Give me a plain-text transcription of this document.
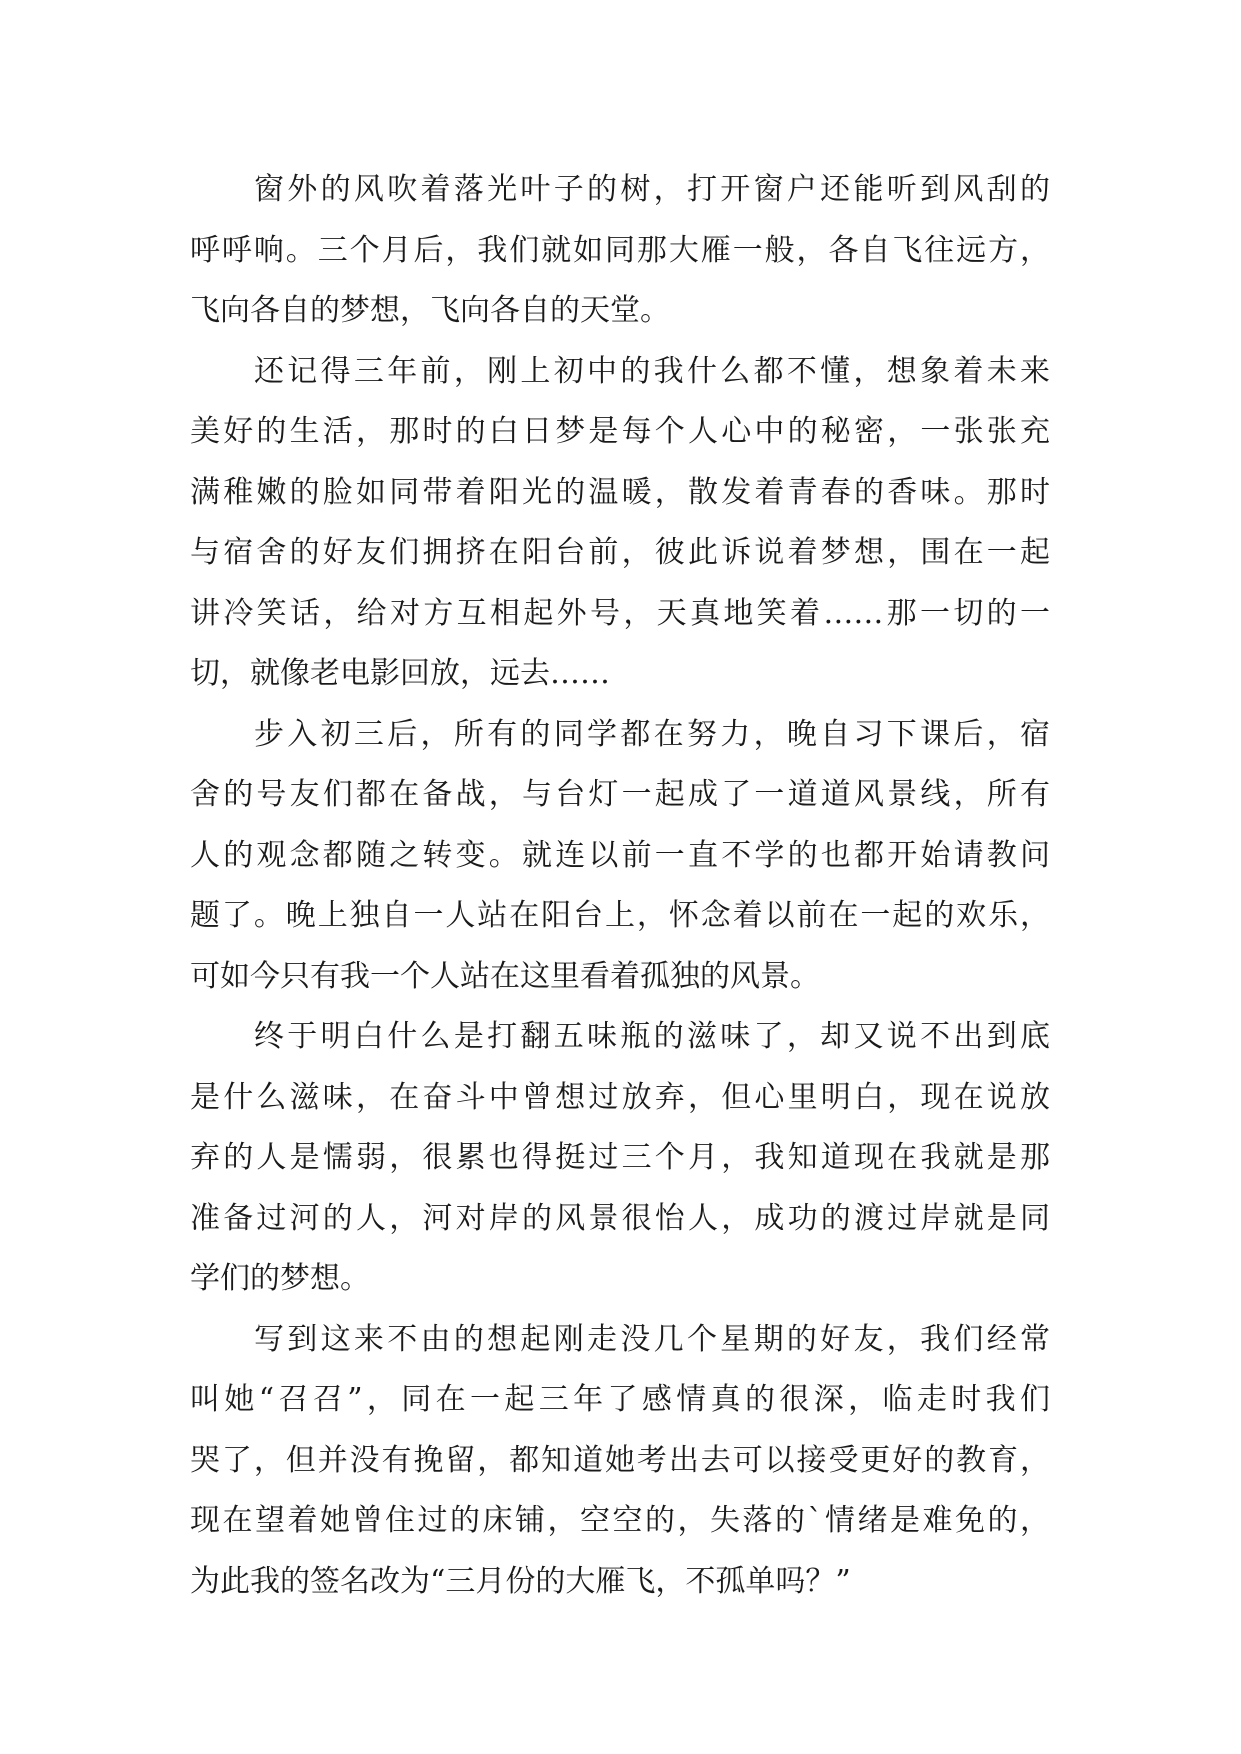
窗外的风吹着落光叶子的树，打开窗户还能听到风刮的
呼呼响。三个月后，我们就如同那大雁一般，各自飞往远方，
飞向各自的梦想，飞向各自的天堂。
还记得三年前，刚上初中的我什么都不懂，想象着未来
美好的生活，那时的白日梦是每个人心中的秘密，一张张充
满稚嫩的脸如同带着阳光的温暖，散发着青春的香味。那时
与宿舍的好友们拥挤在阳台前，彼此诉说着梦想，围在一起
讲冷笑话，给对方互相起外号，天真地笑着……那一切的一
切，就像老电影回放，远去……
步入初三后，所有的同学都在努力，晚自习下课后，宿
舍的号友们都在备战，与台灯一起成了一道道风景线，所有
人的观念都随之转变。就连以前一直不学的也都开始请教问
题了。晚上独自一人站在阳台上，怀念着以前在一起的欢乐，
可如今只有我一个人站在这里看着孤独的风景。
终于明白什么是打翻五味瓶的滋味了，却又说不出到底
是什么滋味，在奋斗中曾想过放弃，但心里明白，现在说放
弃的人是懦弱，很累也得挺过三个月，我知道现在我就是那
准备过河的人，河对岸的风景很怡人，成功的渡过岸就是同
学们的梦想。
写到这来不由的想起刚走没几个星期的好友，我们经常
叫她“召召”，同在一起三年了感情真的很深，临走时我们
哭了，但并没有挽留，都知道她考出去可以接受更好的教育，
现在望着她曾住过的床铺，空空的，失落的`情绪是难免的，
为此我的签名改为“三月份的大雁飞，不孤单吗？”
